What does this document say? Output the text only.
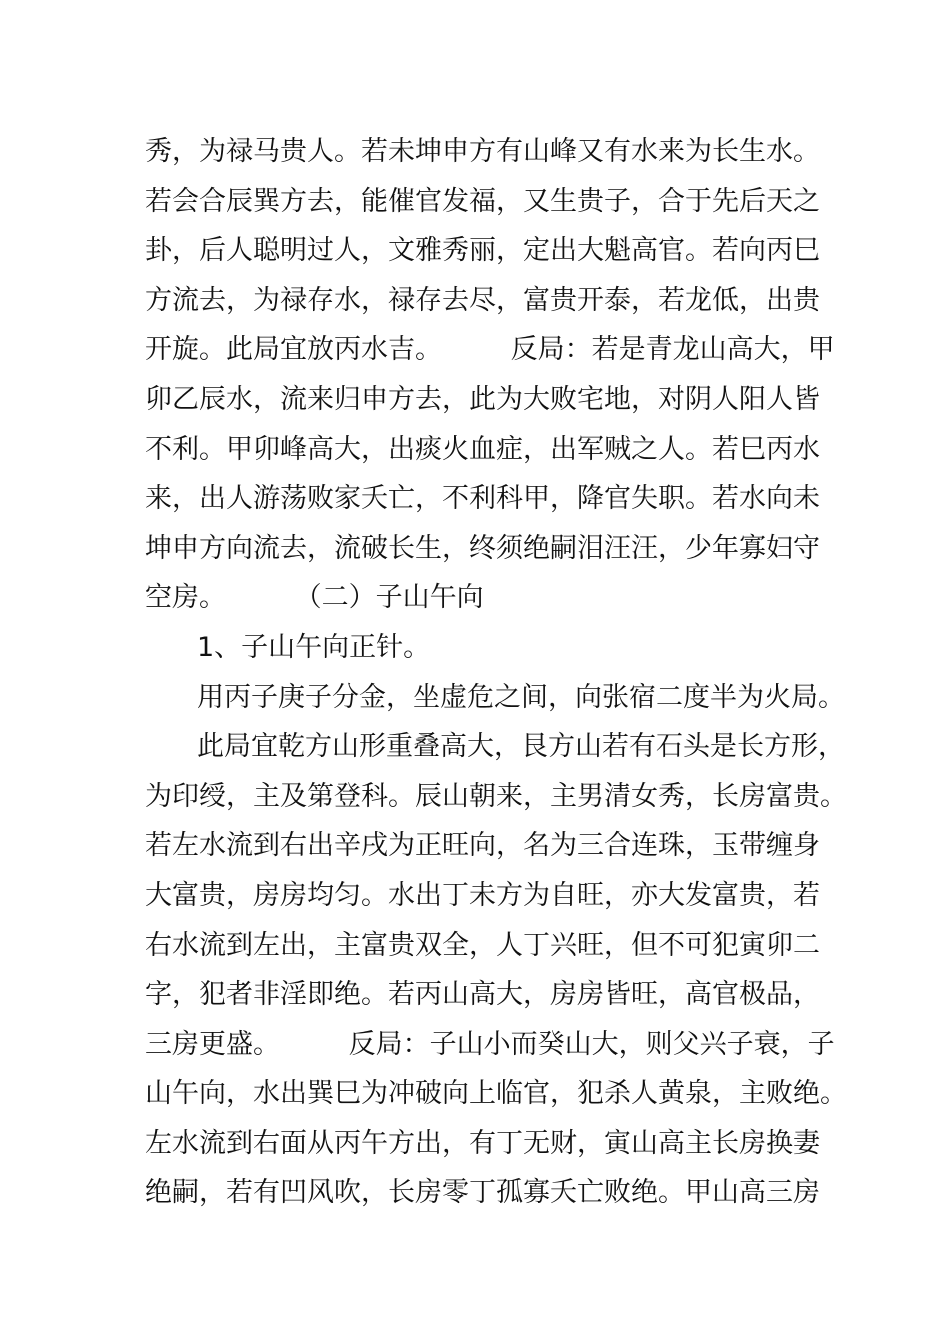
秀，为禄马贵人。若未坤申方有山峰又有水来为长生水。
若会合辰巽方去，能催官发福，又生贵子，合于先后天之
卦，后人聪明过人，文雅秀丽，定出大魁高官。若向丙巳
方流去，为禄存水，禄存去尽，富贵开泰，若龙低，出贵
开旋。此局宜放丙水吉。        反局：若是青龙山高大，甲
卯乙辰水，流来归申方去，此为大败宅地，对阴人阳人皆
不利。甲卯峰高大，出痰火血症，出军贼之人。若巳丙水
来，出人游荡败家夭亡，不利科甲，降官失职。若水向未
坤申方向流去，流破长生，终须绝嗣泪汪汪，少年寡妇守
空房。        （二）子山午向
1、子山午向正针。
用丙子庚子分金，坐虚危之间，向张宿二度半为火局。
此局宜乾方山形重叠高大，艮方山若有石头是长方形，
为印绶，主及第登科。辰山朝来，主男清女秀，长房富贵。
若左水流到右出辛戌为正旺向，名为三合连珠，玉带缠身
大富贵，房房均匀。水出丁未方为自旺，亦大发富贵，若
右水流到左出，主富贵双全，人丁兴旺，但不可犯寅卯二
字，犯者非淫即绝。若丙山高大，房房皆旺，高官极品，
三房更盛。        反局：子山小而癸山大，则父兴子衰，子
山午向，水出巽巳为冲破向上临官，犯杀人黄泉，主败绝。
左水流到右面从丙午方出，有丁无财，寅山高主长房换妻
绝嗣，若有凹风吹，长房零丁孤寡夭亡败绝。甲山高三房
